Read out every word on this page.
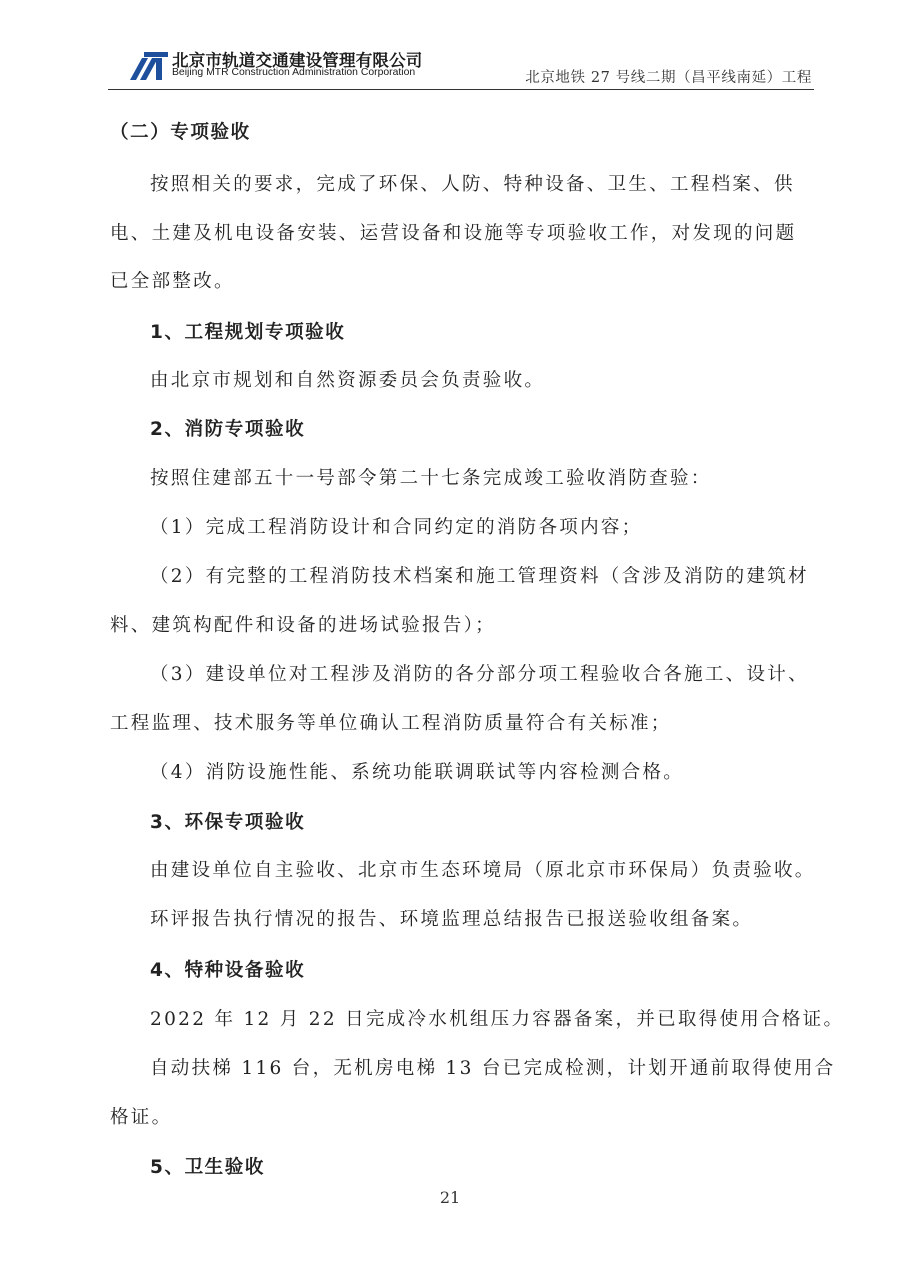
北京市轨道交通建设管理有限公司
Beijing MTR Construction Administration Corporation	北京地铁 27 号线二期（昌平线南延）工程
（二）专项验收
按照相关的要求，完成了环保、人防、特种设备、卫生、工程档案、供
电、土建及机电设备安装、运营设备和设施等专项验收工作，对发现的问题
已全部整改。
1、工程规划专项验收
由北京市规划和自然资源委员会负责验收。
2、消防专项验收
按照住建部五十一号部令第二十七条完成竣工验收消防查验：
（1）完成工程消防设计和合同约定的消防各项内容；
（2）有完整的工程消防技术档案和施工管理资料（含涉及消防的建筑材
料、建筑构配件和设备的进场试验报告）；
（3）建设单位对工程涉及消防的各分部分项工程验收合各施工、设计、
工程监理、技术服务等单位确认工程消防质量符合有关标准；
（4）消防设施性能、系统功能联调联试等内容检测合格。
3、环保专项验收
由建设单位自主验收、北京市生态环境局（原北京市环保局）负责验收。
环评报告执行情况的报告、环境监理总结报告已报送验收组备案。
4、特种设备验收
2022 年 12 月 22 日完成冷水机组压力容器备案，并已取得使用合格证。
自动扶梯 116 台，无机房电梯 13 台已完成检测，计划开通前取得使用合
格证。
5、卫生验收
21
